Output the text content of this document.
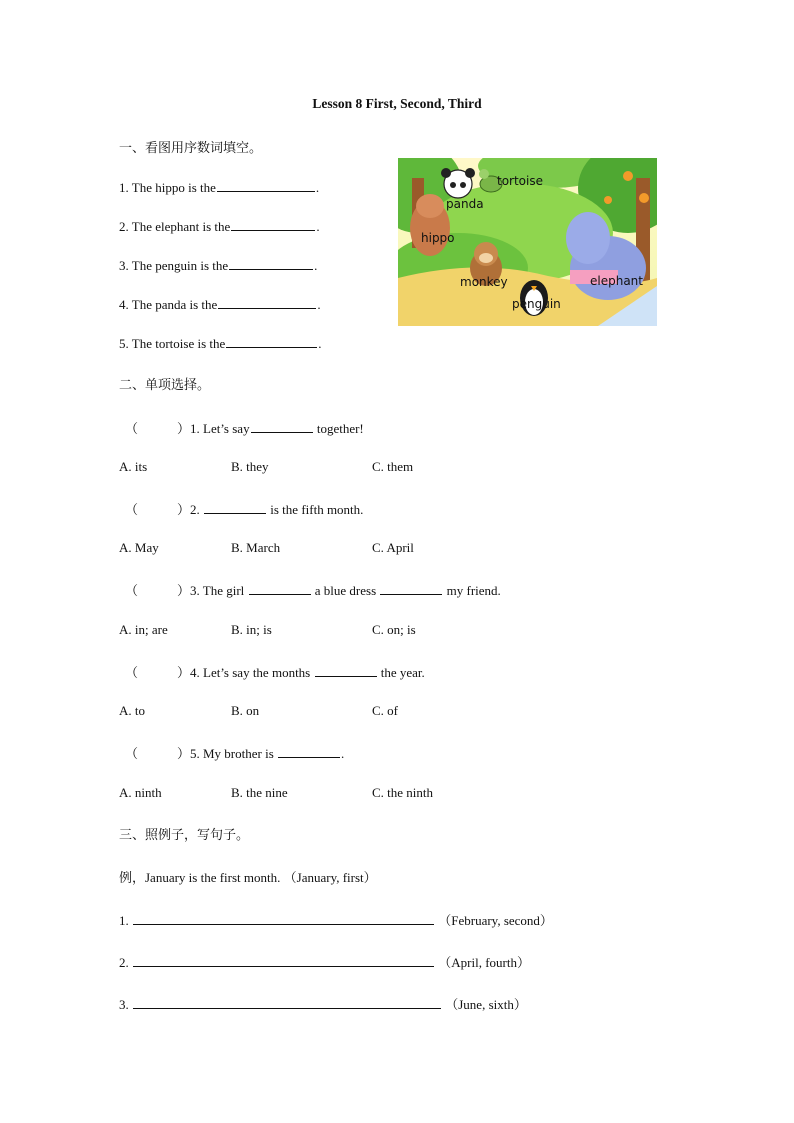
Lesson 8 First, Second, Third
一、看图用序数词填空。
1. The hippo is the	.
2. The elephant is the	.
3. The penguin is the	.
4. The panda is the	.
5. The tortoise is the	.
tortoise
panda
hippo
monkey	elephant
penguin
二、单项选择。
（	）1. Let’s say	together!
A. its	B. they	C. them
（	）2.	is the fifth month.
A. May	B. March	C. April
（	）3. The girl	a blue dress	my friend.
A. in; are	B. in; is	C. on; is
（	）4. Let’s say the months	the year.
A. to	B. on	C. of
（	）5. My brother is	.
A. ninth	B. the nine	C. the ninth
三、照例子，写句子。
例，January is the first month. （January, first）
1.	（February, second）
2.	（April, fourth）
3.	（June, sixth）
